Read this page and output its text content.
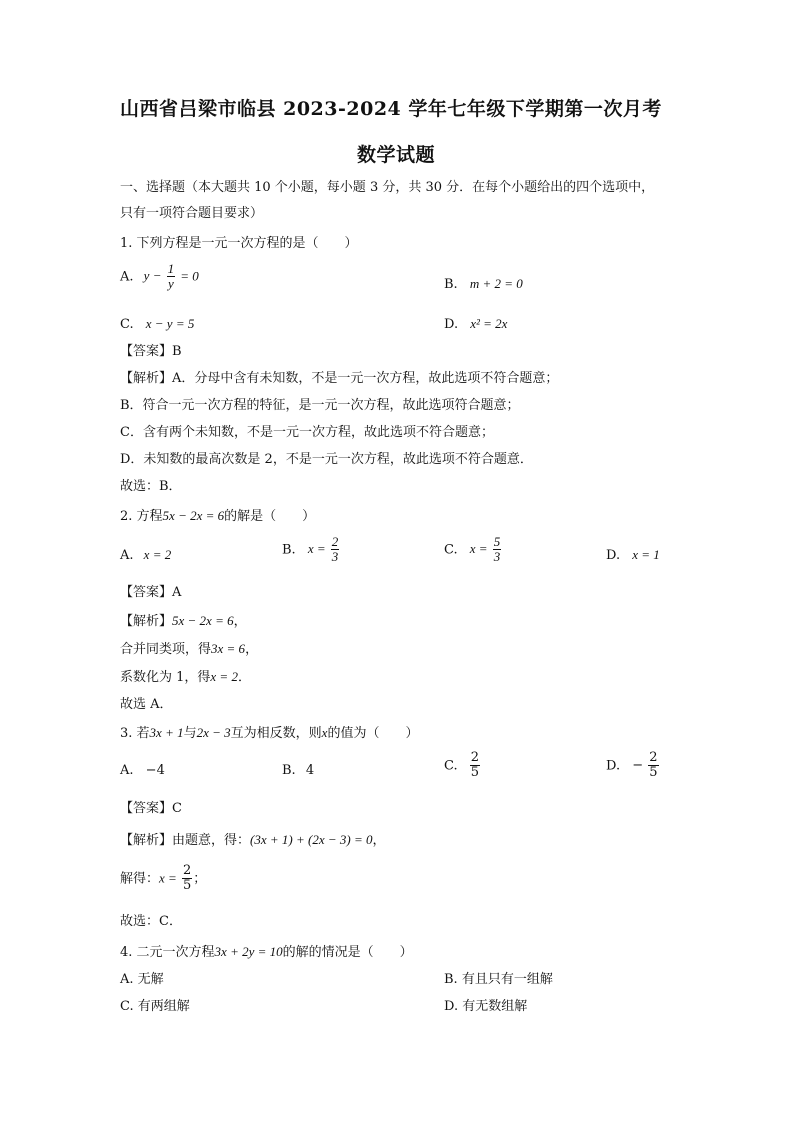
山西省吕梁市临县 2023-2024 学年七年级下学期第一次月考
数学试题
一、选择题（本大题共 10 个小题，每小题 3 分，共 30 分．在每个小题给出的四个选项中，
只有一项符合题目要求）
1. 下列方程是一元一次方程的是（　　）
A. $y - \frac{1}{y} = 0$
B. m + 2 = 0
C. x − y = 5	D. x² = 2x
【答案】B
【解析】A．分母中含有未知数，不是一元一次方程，故此选项不符合题意；
B．符合一元一次方程的特征，是一元一次方程，故此选项符合题意；
C．含有两个未知数，不是一元一次方程，故此选项不符合题意；
D．未知数的最高次数是 2，不是一元一次方程，故此选项不符合题意．
故选：B．
2. 方程5x − 2x = 6的解是（　　）
A. x = 2	B. $x = \frac{2}{3}$	C. $x = \frac{5}{3}$	D. x = 1
【答案】A
【解析】5x − 2x = 6，
合并同类项，得3x = 6，
系数化为 1，得x = 2．
故选 A．
3. 若3x + 1与2x − 3互为相反数，则x的值为（　　）
A. −4	B. 4	C. $\frac{2}{5}$	D. − $\frac{2}{5}$
【答案】C
【解析】由题意，得：(3x + 1) + (2x − 3) = 0，
解得：$x = \frac{2}{5}$ ；
故选：C．
4. 二元一次方程3x + 2y = 10的解的情况是（　　）
A. 无解	B. 有且只有一组解
C. 有两组解	D. 有无数组解
